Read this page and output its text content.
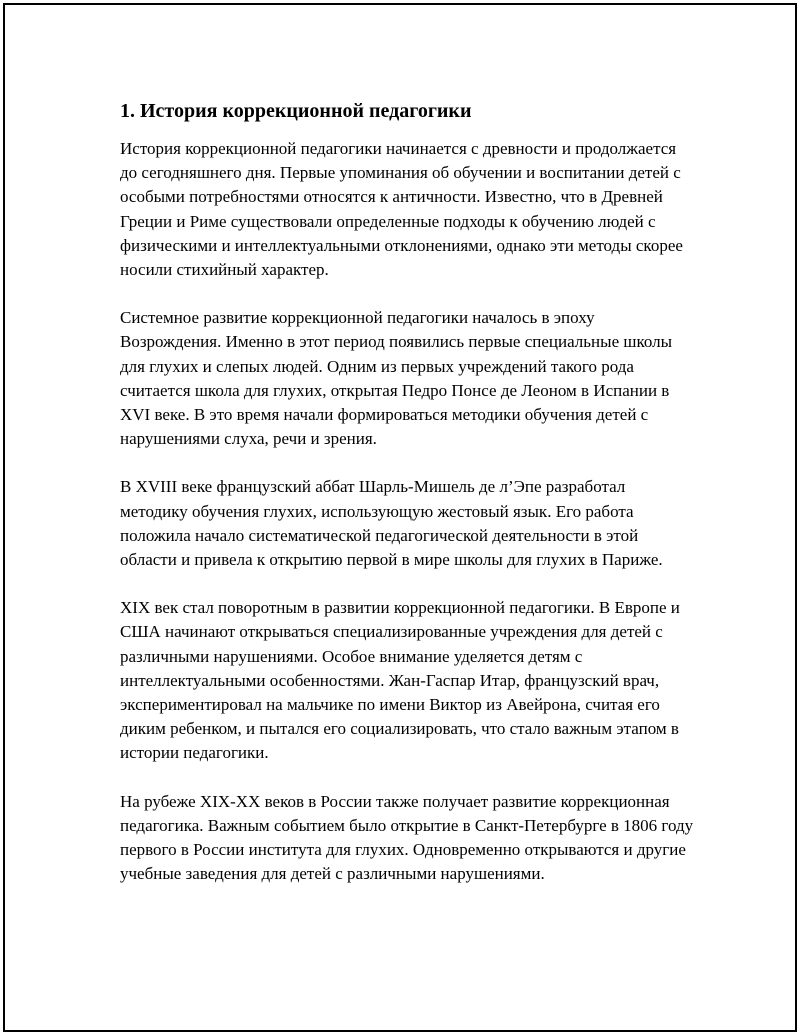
1. История коррекционной педагогики

История коррекционной педагогики начинается с древности и продолжается до сегодняшнего дня. Первые упоминания об обучении и воспитании детей с особыми потребностями относятся к античности. Известно, что в Древней Греции и Риме существовали определенные подходы к обучению людей с физическими и интеллектуальными отклонениями, однако эти методы скорее носили стихийный характер.

Системное развитие коррекционной педагогики началось в эпоху Возрождения. Именно в этот период появились первые специальные школы для глухих и слепых людей. Одним из первых учреждений такого рода считается школа для глухих, открытая Педро Понсе де Леоном в Испании в XVI веке. В это время начали формироваться методики обучения детей с нарушениями слуха, речи и зрения.

В XVIII веке французский аббат Шарль-Мишель де л’Эпе разработал методику обучения глухих, использующую жестовый язык. Его работа положила начало систематической педагогической деятельности в этой области и привела к открытию первой в мире школы для глухих в Париже.

XIX век стал поворотным в развитии коррекционной педагогики. В Европе и США начинают открываться специализированные учреждения для детей с различными нарушениями. Особое внимание уделяется детям с интеллектуальными особенностями. Жан-Гаспар Итар, французский врач, экспериментировал на мальчике по имени Виктор из Авейрона, считая его диким ребенком, и пытался его социализировать, что стало важным этапом в истории педагогики.

На рубеже XIX-XX веков в России также получает развитие коррекционная педагогика. Важным событием было открытие в Санкт-Петербурге в 1806 году первого в России института для глухих. Одновременно открываются и другие учебные заведения для детей с различными нарушениями.
